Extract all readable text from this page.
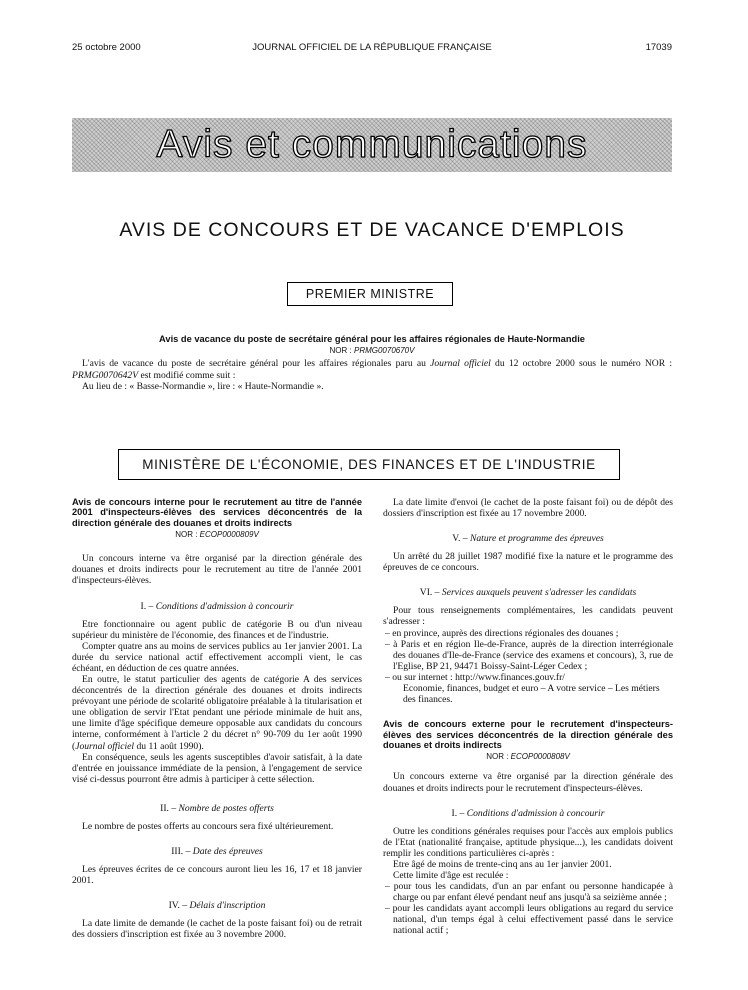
25 octobre 2000	JOURNAL OFFICIEL DE LA RÉPUBLIQUE FRANÇAISE	17039
Avis et communications
AVIS DE CONCOURS ET DE VACANCE D'EMPLOIS
PREMIER MINISTRE
Avis de vacance du poste de secrétaire général pour les affaires régionales de Haute-Normandie
NOR : PRMG0070670V

L'avis de vacance du poste de secrétaire général pour les affaires régionales paru au Journal officiel du 12 octobre 2000 sous le numéro NOR : PRMG0070642V est modifié comme suit :

Au lieu de : « Basse-Normandie », lire : « Haute-Normandie ».

MINISTÈRE DE L'ÉCONOMIE, DES FINANCES ET DE L'INDUSTRIE
Avis de concours interne pour le recrutement au titre de l'année 2001 d'inspecteurs-élèves des services déconcentrés de la direction générale des douanes et droits indirects
NOR : ECOP0000809V

Un concours interne va être organisé par la direction générale des douanes et droits indirects pour le recrutement au titre de l'année 2001 d'inspecteurs-élèves.

I. – Conditions d'admission à concourir

Etre fonctionnaire ou agent public de catégorie B ou d'un niveau supérieur du ministère de l'économie, des finances et de l'industrie.

Compter quatre ans au moins de services publics au 1er janvier 2001. La durée du service national actif effectivement accompli vient, le cas échéant, en déduction de ces quatre années.

En outre, le statut particulier des agents de catégorie A des services déconcentrés de la direction générale des douanes et droits indirects prévoyant une période de scolarité obligatoire préalable à la titularisation et une obligation de servir l'Etat pendant une période minimale de huit ans, une limite d'âge spécifique demeure opposable aux candidats du concours interne, conformément à l'article 2 du décret n° 90-709 du 1er août 1990 (Journal officiel du 11 août 1990).

En conséquence, seuls les agents susceptibles d'avoir satisfait, à la date d'entrée en jouissance immédiate de la pension, à l'engagement de service visé ci-dessus pourront être admis à participer à cette sélection.

II. – Nombre de postes offerts

Le nombre de postes offerts au concours sera fixé ultérieurement.

III. – Date des épreuves

Les épreuves écrites de ce concours auront lieu les 16, 17 et 18 janvier 2001.

IV. – Délais d'inscription

La date limite de demande (le cachet de la poste faisant foi) ou de retrait des dossiers d'inscription est fixée au 3 novembre 2000.

La date limite d'envoi (le cachet de la poste faisant foi) ou de dépôt des dossiers d'inscription est fixée au 17 novembre 2000.

V. – Nature et programme des épreuves

Un arrêté du 28 juillet 1987 modifié fixe la nature et le programme des épreuves de ce concours.

VI. – Services auxquels peuvent s'adresser les candidats

Pour tous renseignements complémentaires, les candidats peuvent s'adresser :

– en province, auprès des directions régionales des douanes ;
– à Paris et en région Ile-de-France, auprès de la direction interrégionale des douanes d'Ile-de-France (service des examens et concours), 3, rue de l'Eglise, BP 21, 94471 Boissy-Saint-Léger Cedex ;
– ou sur internet : http://www.finances.gouv.fr/
Economie, finances, budget et euro – A votre service – Les métiers des finances.
Avis de concours externe pour le recrutement d'inspecteurs-élèves des services déconcentrés de la direction générale des douanes et droits indirects
NOR : ECOP0000808V

Un concours externe va être organisé par la direction générale des douanes et droits indirects pour le recrutement d'inspecteurs-élèves.

I. – Conditions d'admission à concourir

Outre les conditions générales requises pour l'accès aux emplois publics de l'Etat (nationalité française, aptitude physique...), les candidats doivent remplir les conditions particulières ci-après :

Etre âgé de moins de trente-cinq ans au 1er janvier 2001.

Cette limite d'âge est reculée :

– pour tous les candidats, d'un an par enfant ou personne handicapée à charge ou par enfant élevé pendant neuf ans jusqu'à sa seizième année ;
– pour les candidats ayant accompli leurs obligations au regard du service national, d'un temps égal à celui effectivement passé dans le service national actif ;
